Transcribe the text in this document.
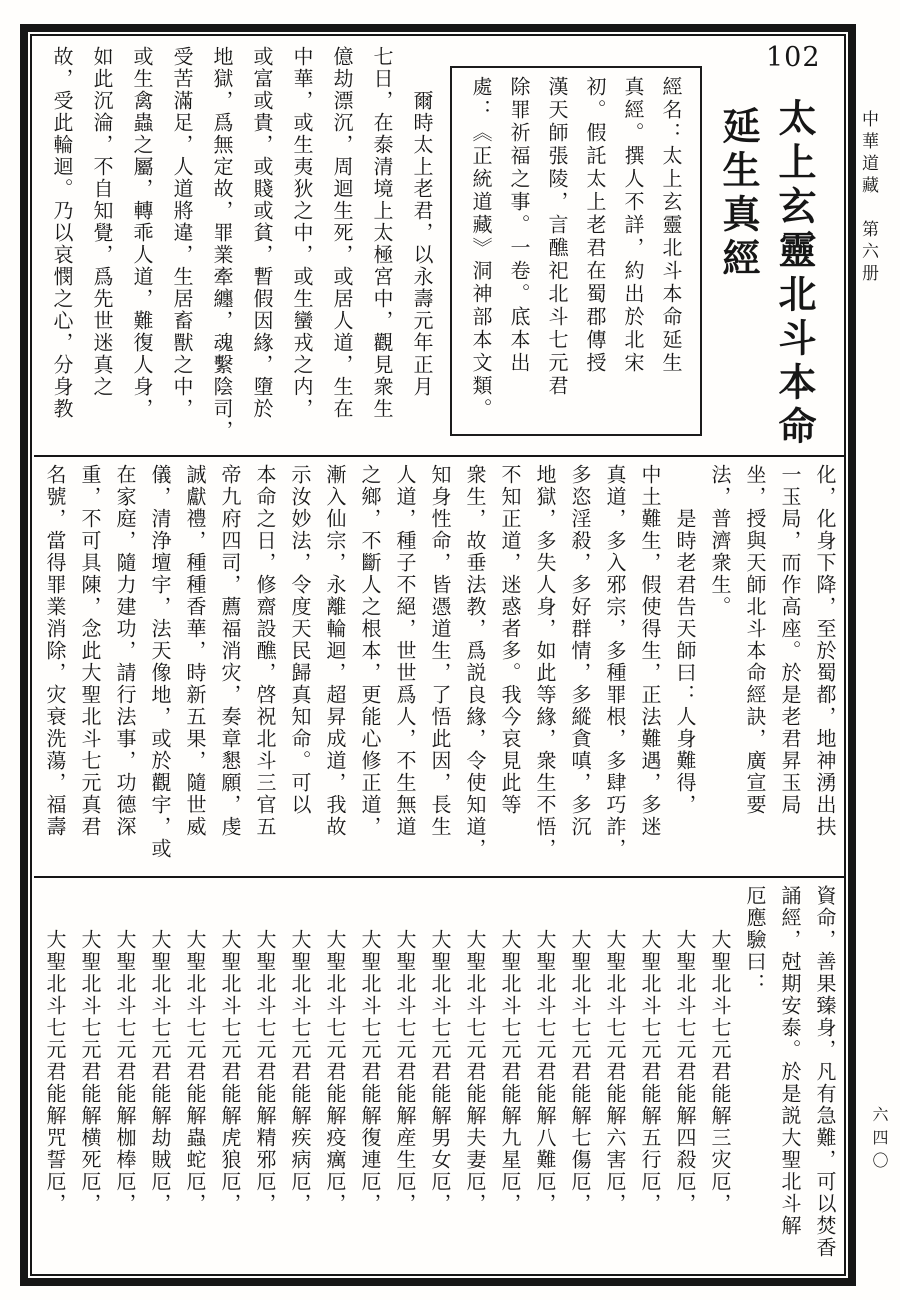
中華道藏　第六册
六四〇
102
太上玄靈北斗本命
延生真經
經名：太上玄靈北斗本命延生
真經。撰人不詳，約出於北宋
初。假託太上老君在蜀郡傳授
漢天師張陵，言醮祀北斗七元君
除罪祈福之事。一卷。底本出
處：《正統道藏》洞神部本文類。
　　爾時太上老君，以永壽元年正月
七日，在泰清境上太極宮中，觀見衆生
億劫漂沉，周迴生死，或居人道，生在
中華，或生夷狄之中，或生蠻戎之内，
或富或貴，或賤或貧，暫假因緣，墮於
地獄，爲無定故，罪業牽纏，魂繫陰司，
受苦滿足，人道將違，生居畜獸之中，
或生禽蟲之屬，轉乖人道，難復人身，
如此沉淪，不自知覺，爲先世迷真之
故，受此輪迴。乃以哀憫之心，分身教
化，化身下降，至於蜀都，地神湧出扶
一玉局，而作高座。於是老君昇玉局
坐，授與天師北斗本命經訣，廣宣要
法，普濟衆生。
　　是時老君告天師曰：人身難得，
中土難生，假使得生，正法難遇，多迷
真道，多入邪宗，多種罪根，多肆巧詐，
多恣淫殺，多好群情，多縱貪嗔，多沉
地獄，多失人身，如此等緣，衆生不悟，
不知正道，迷惑者多。我今哀見此等
衆生，故垂法教，爲説良緣，令使知道，
知身性命，皆憑道生，了悟此因，長生
人道，種子不絕，世世爲人，不生無道
之鄉，不斷人之根本，更能心修正道，
漸入仙宗，永離輪迴，超昇成道，我故
示汝妙法，令度天民歸真知命。可以
本命之日，修齋設醮，啓祝北斗三官五
帝九府四司，薦福消灾，奏章懇願，虔
誠獻禮，種種香華，時新五果，隨世威
儀，清浄壇宇，法天像地，或於觀宇，或
在家庭，隨力建功，請行法事，功德深
重，不可具陳，念此大聖北斗七元真君
名號，當得罪業消除，灾衰洗蕩，福壽
資命，善果臻身，凡有急難，可以焚香
誦經，尅期安泰。於是説大聖北斗解
厄應驗曰：
　　大聖北斗七元君能解三灾厄，
　　大聖北斗七元君能解四殺厄，
　　大聖北斗七元君能解五行厄，
　　大聖北斗七元君能解六害厄，
　　大聖北斗七元君能解七傷厄，
　　大聖北斗七元君能解八難厄，
　　大聖北斗七元君能解九星厄，
　　大聖北斗七元君能解夫妻厄，
　　大聖北斗七元君能解男女厄，
　　大聖北斗七元君能解産生厄，
　　大聖北斗七元君能解復連厄，
　　大聖北斗七元君能解疫癘厄，
　　大聖北斗七元君能解疾病厄，
　　大聖北斗七元君能解精邪厄，
　　大聖北斗七元君能解虎狼厄，
　　大聖北斗七元君能解蟲蛇厄，
　　大聖北斗七元君能解劫賊厄，
　　大聖北斗七元君能解枷棒厄，
　　大聖北斗七元君能解横死厄，
　　大聖北斗七元君能解咒誓厄，
